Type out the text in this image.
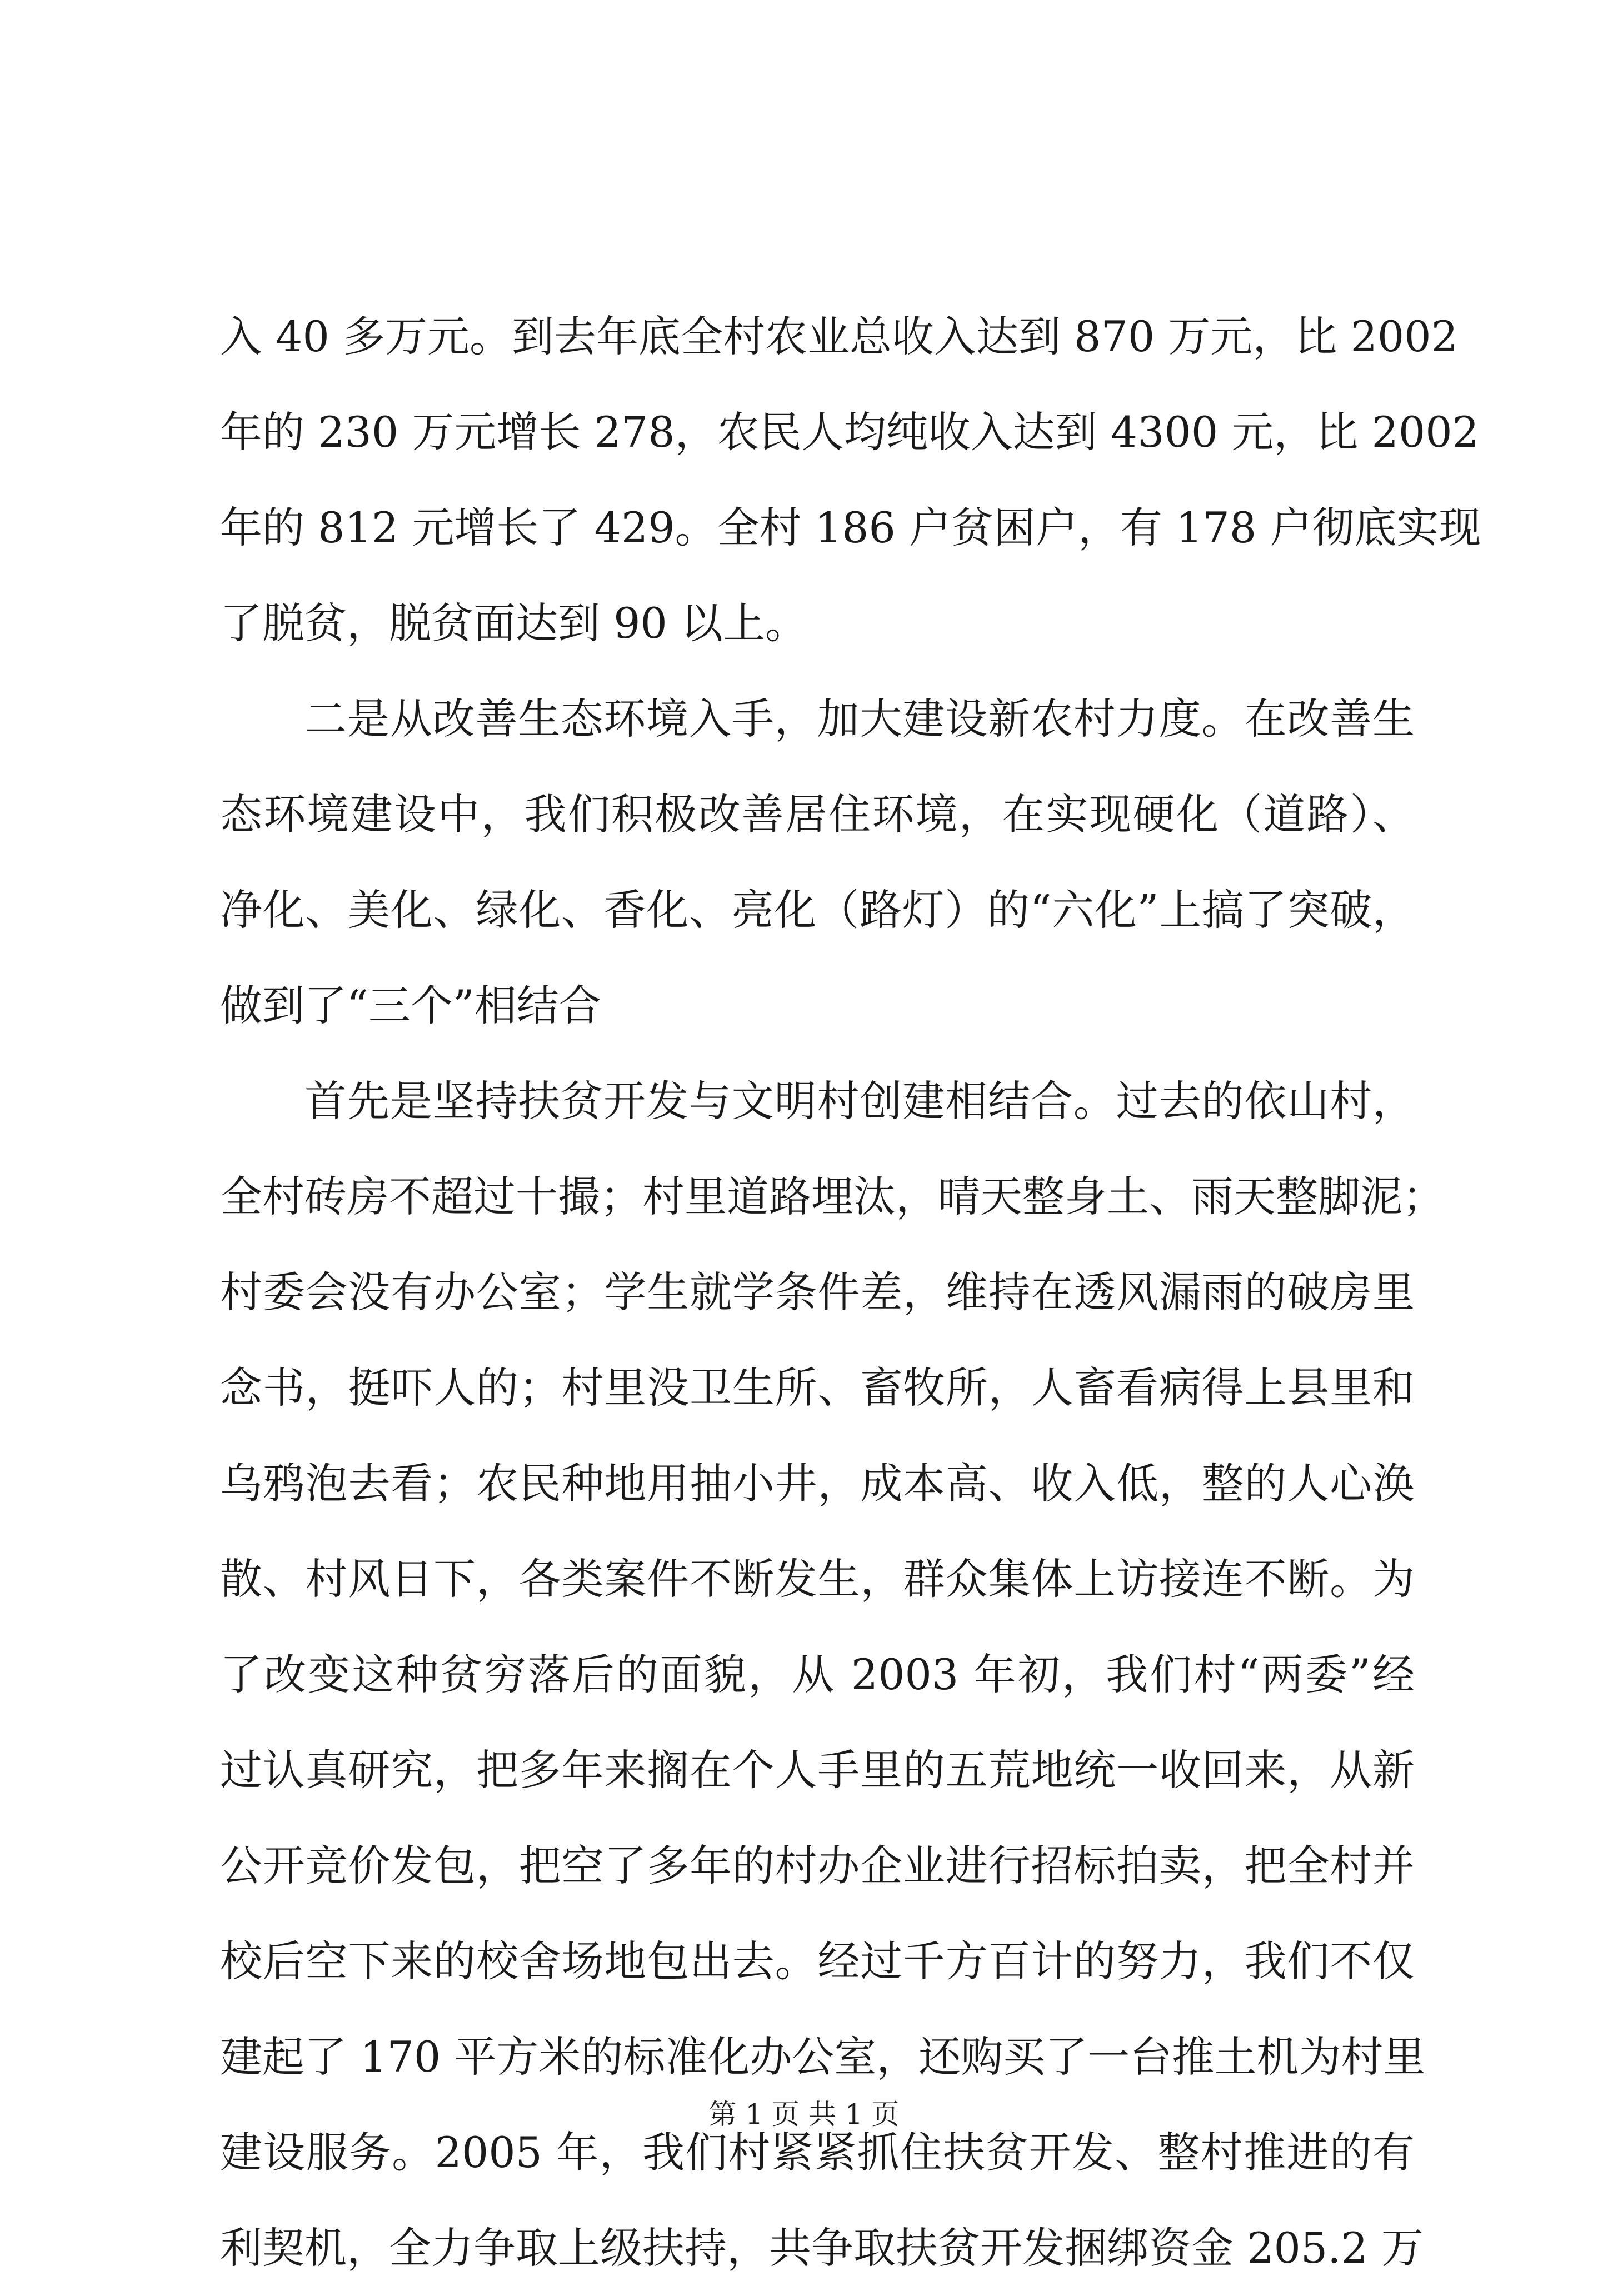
入 40 多万元。到去年底全村农业总收入达到 870 万元，比 2002
年的 230 万元增长 278，农民人均纯收入达到 4300 元，比 2002
年的 812 元增长了 429。全村 186 户贫困户，有 178 户彻底实现
了脱贫，脱贫面达到 90 以上。
二是从改善生态环境入手，加大建设新农村力度。在改善生
态环境建设中，我们积极改善居住环境，在实现硬化（道路）、
净化、美化、绿化、香化、亮化（路灯）的“六化”上搞了突破，
做到了“三个”相结合
首先是坚持扶贫开发与文明村创建相结合。过去的依山村，
全村砖房不超过十撮；村里道路埋汰，晴天整身土、雨天整脚泥；
村委会没有办公室；学生就学条件差，维持在透风漏雨的破房里
念书，挺吓人的；村里没卫生所、畜牧所，人畜看病得上县里和
乌鸦泡去看；农民种地用抽小井，成本高、收入低，整的人心涣
散、村风日下，各类案件不断发生，群众集体上访接连不断。为
了改变这种贫穷落后的面貌，从 2003 年初，我们村“两委”经
过认真研究，把多年来搁在个人手里的五荒地统一收回来，从新
公开竞价发包，把空了多年的村办企业进行招标拍卖，把全村并
校后空下来的校舍场地包出去。经过千方百计的努力，我们不仅
建起了 170 平方米的标准化办公室，还购买了一台推土机为村里
建设服务。2005 年，我们村紧紧抓住扶贫开发、整村推进的有
利契机，全力争取上级扶持，共争取扶贫开发捆绑资金 205.2 万
第 1 页 共 1 页
